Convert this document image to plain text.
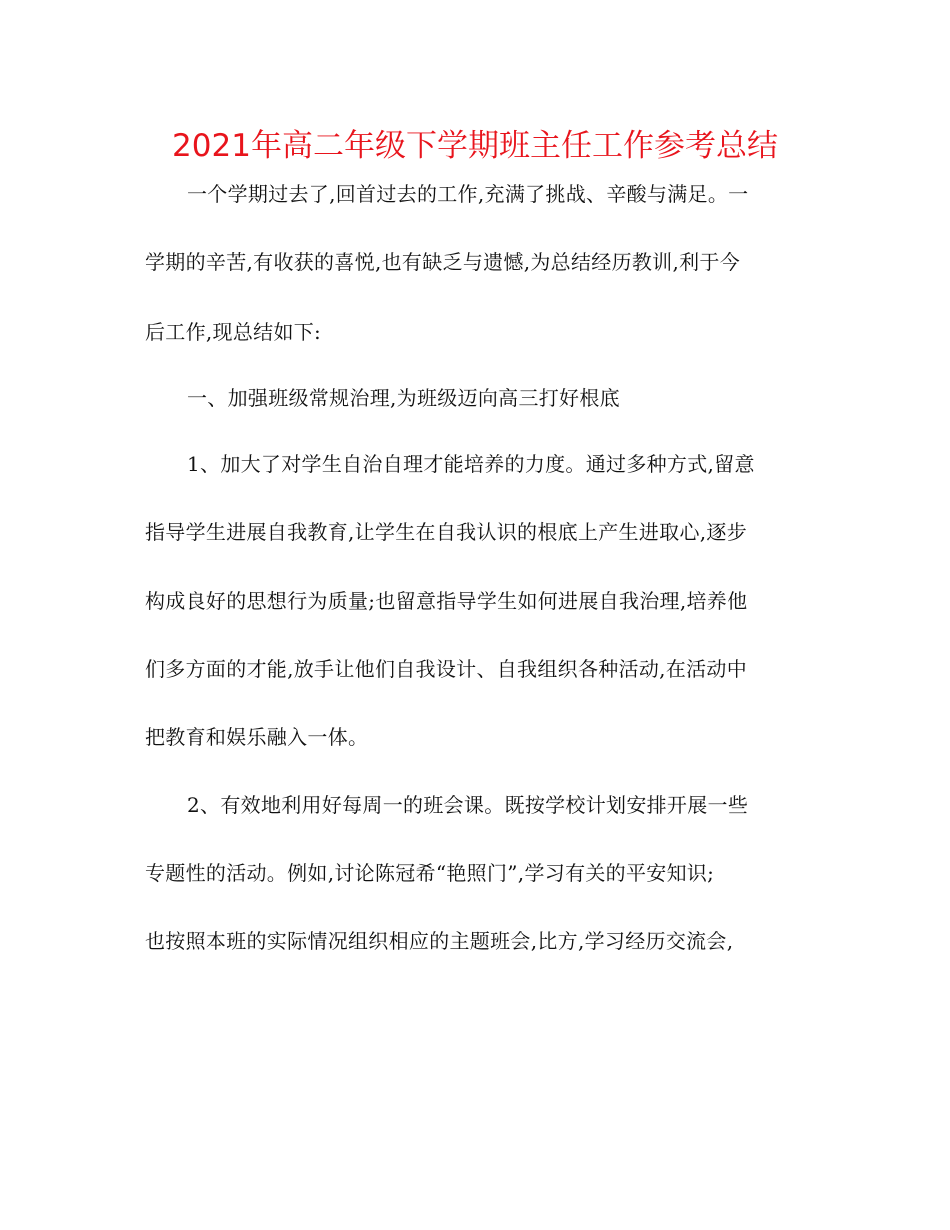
2021年高二年级下学期班主任工作参考总结
一个学期过去了,回首过去的工作,充满了挑战、辛酸与满足。一
学期的辛苦,有收获的喜悦,也有缺乏与遗憾,为总结经历教训,利于今
后工作,现总结如下:
一、加强班级常规治理,为班级迈向高三打好根底
1、加大了对学生自治自理才能培养的力度。通过多种方式,留意
指导学生进展自我教育,让学生在自我认识的根底上产生进取心,逐步
构成良好的思想行为质量;也留意指导学生如何进展自我治理,培养他
们多方面的才能,放手让他们自我设计、自我组织各种活动,在活动中
把教育和娱乐融入一体。
2、有效地利用好每周一的班会课。既按学校计划安排开展一些
专题性的活动。例如,讨论陈冠希“艳照门”,学习有关的平安知识;
也按照本班的实际情况组织相应的主题班会,比方,学习经历交流会,
